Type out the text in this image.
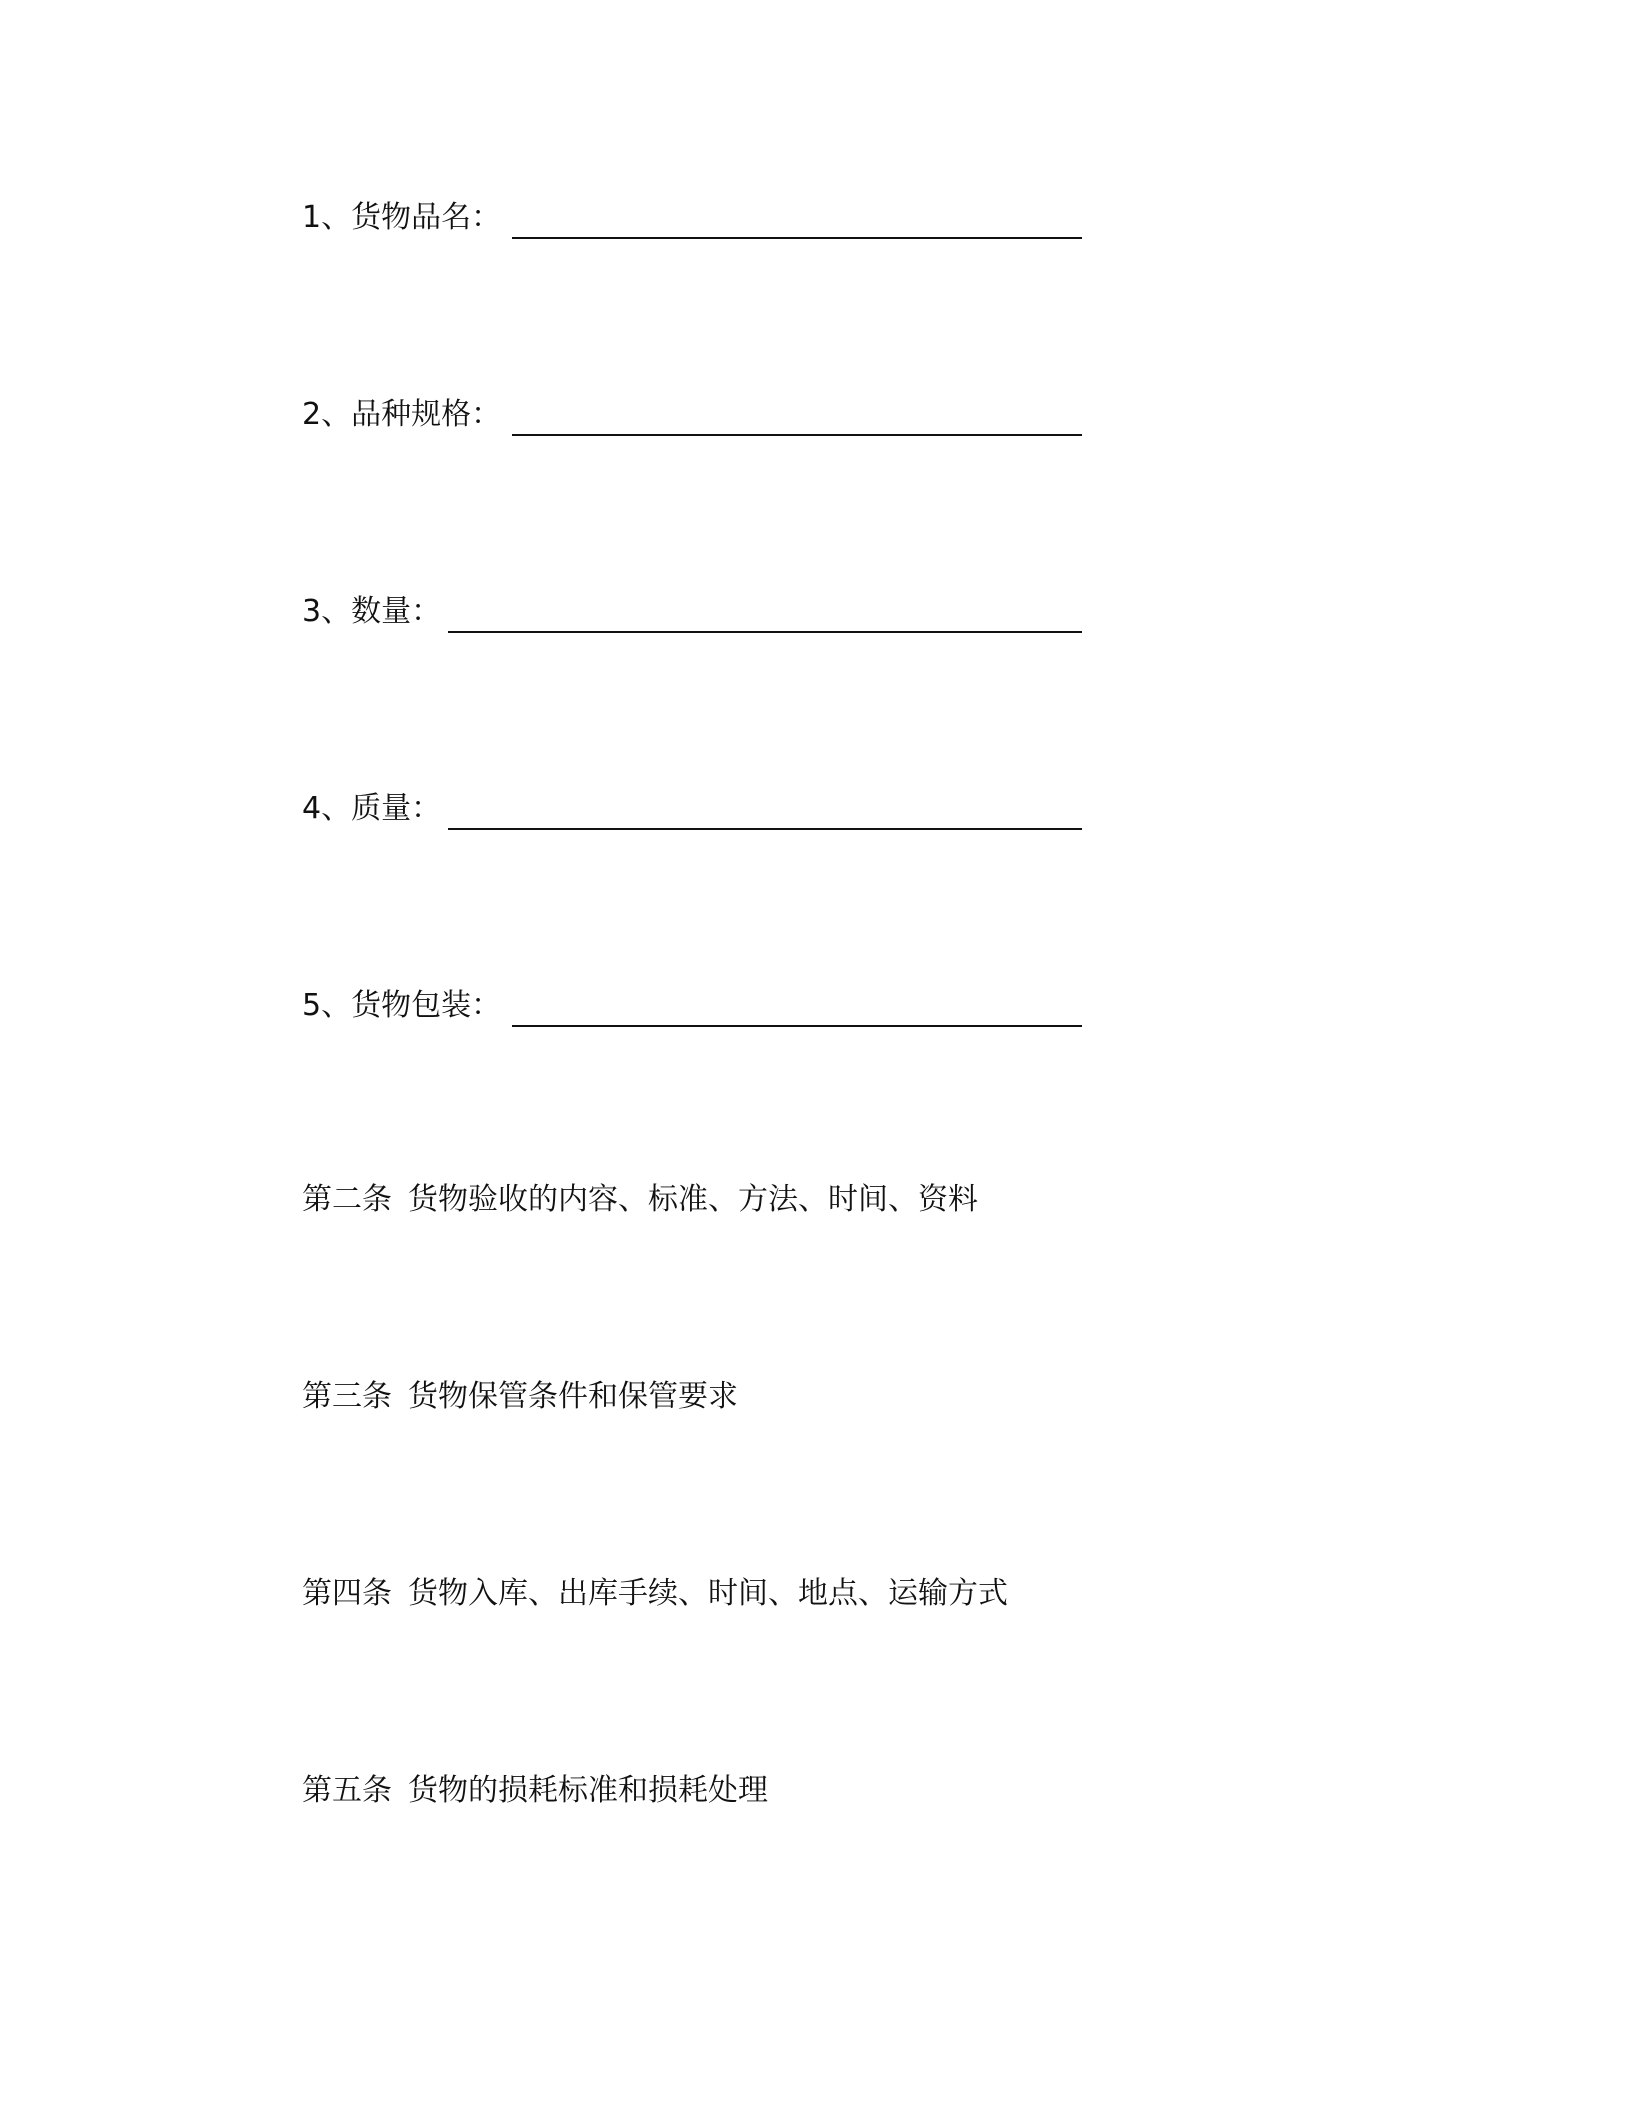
1、货物品名：
2、品种规格：
3、数量：
4、质量：
5、货物包装：
第二条 货物验收的内容、标准、方法、时间、资料
第三条 货物保管条件和保管要求
第四条 货物入库、出库手续、时间、地点、运输方式
第五条 货物的损耗标准和损耗处理
